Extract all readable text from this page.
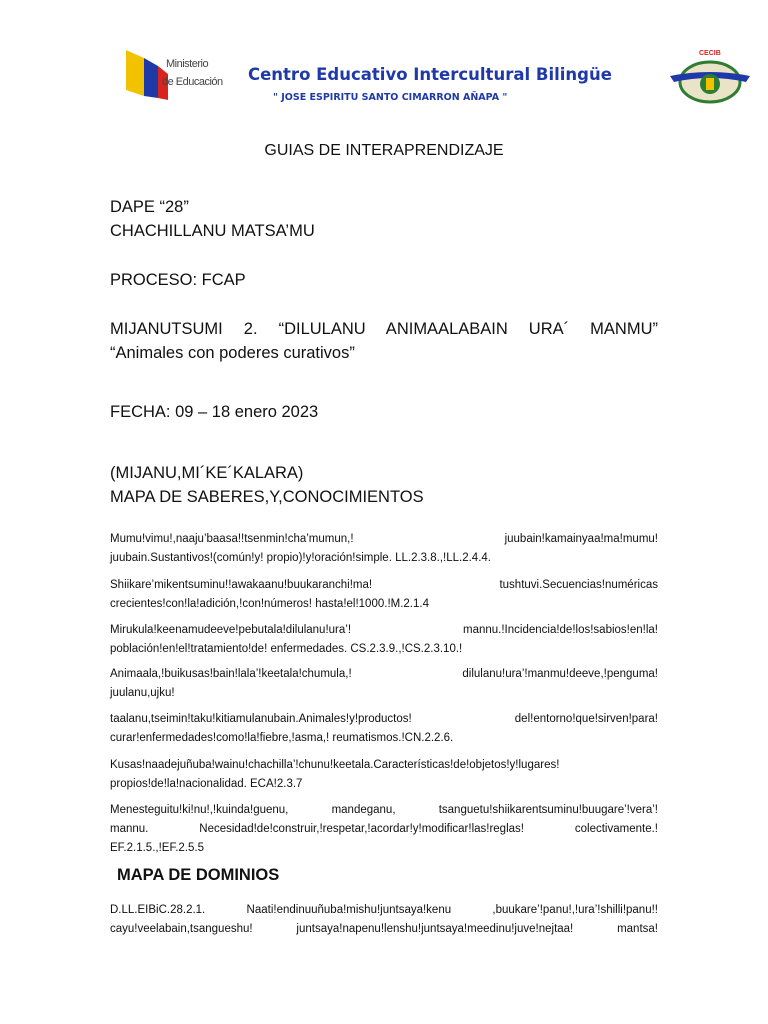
Ministerio
de Educación Centro Educativo Intercultural Bilingüe
" JOSE ESPIRITU SANTO CIMARRON AÑAPA "
CECIB
GUIAS DE INTERAPRENDIZAJE
DAPE “28”
CHACHILLANU MATSA’MU
PROCESO: FCAP
MIJANUTSUMI 2. “DILULANU ANIMAALABAIN URA´ MANMU”
“Animales con poderes curativos”
FECHA: 09 – 18 enero 2023
(MIJANU,MI´KE´KALARA)
MAPA DE SABERES,Y,CONOCIMIENTOS
Mumu!vimu!,naaju’baasa!!tsenmin!cha’mumun,! juubain!kamainyaa!ma!mumu!
juubain.Sustantivos!(común!y! propio)!y!oración!simple. LL.2.3.8.,!LL.2.4.4.
Shiikare’mikentsuminu!!awakaanu!buukaranchi!ma! tushtuvi.Secuencias!numéricas
crecientes!con!la!adición,!con!números! hasta!el!1000.!M.2.1.4
Mirukula!keenamudeeve!pebutala!dilulanu!ura’! mannu.!Incidencia!de!los!sabios!en!la!
población!en!el!tratamiento!de! enfermedades. CS.2.3.9.,!CS.2.3.10.!
Animaala,!buikusas!bain!lala’!keetala!chumula,! dilulanu!ura’!manmu!deeve,!penguma!
juulanu,ujku!
taalanu,tseimin!taku!kitiamulanubain.Animales!y!productos! del!entorno!que!sirven!para!
curar!enfermedades!como!la!fiebre,!asma,! reumatismos.!CN.2.2.6.
Kusas!naadejuñuba!wainu!chachilla’!chunu!keetala.Características!de!objetos!y!lugares!
propios!de!la!nacionalidad. ECA!2.3.7
Menesteguitu!ki!nu!,!kuinda!guenu, mandeganu, tsanguetu!shiikarentsuminu!buugare’!vera’!
mannu. Necesidad!de!construir,!respetar,!acordar!y!modificar!las!reglas! colectivamente.!
EF.2.1.5.,!EF.2.5.5
MAPA DE DOMINIOS
D.LL.EIBiC.28.2.1. Naati!endinuuñuba!mishu!juntsaya!kenu ,buukare’!panu!,!ura’!shilli!panu!!
cayu!veelabain,tsangueshu! juntsaya!napenu!lenshu!juntsaya!meedinu!juve!nejtaa! mantsa!
